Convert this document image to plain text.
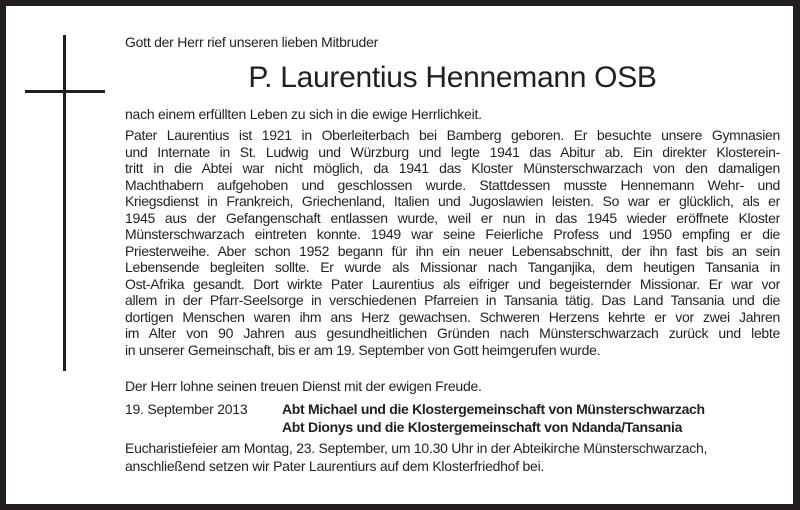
Gott der Herr rief unseren lieben Mitbruder
P. Laurentius Hennemann OSB
nach einem erfüllten Leben zu sich in die ewige Herrlichkeit.
Pater Laurentius ist 1921 in Oberleiterbach bei Bamberg geboren. Er besuchte unsere Gymnasien
und Internate in St. Ludwig und Würzburg und legte 1941 das Abitur ab. Ein direkter Klosterein-
tritt in die Abtei war nicht möglich, da 1941 das Kloster Münsterschwarzach von den damaligen
Machthabern aufgehoben und geschlossen wurde. Stattdessen musste Hennemann Wehr- und
Kriegsdienst in Frankreich, Griechenland, Italien und Jugoslawien leisten. So war er glücklich, als er
1945 aus der Gefangenschaft entlassen wurde, weil er nun in das 1945 wieder eröffnete Kloster
Münsterschwarzach eintreten konnte. 1949 war seine Feierliche Profess und 1950 empfing er die
Priesterweihe. Aber schon 1952 begann für ihn ein neuer Lebensabschnitt, der ihn fast bis an sein
Lebensende begleiten sollte. Er wurde als Missionar nach Tanganjika, dem heutigen Tansania in
Ost-Afrika gesandt. Dort wirkte Pater Laurentius als eifriger und begeisternder Missionar. Er war vor
allem in der Pfarr-Seelsorge in verschiedenen Pfarreien in Tansania tätig. Das Land Tansania und die
dortigen Menschen waren ihm ans Herz gewachsen. Schweren Herzens kehrte er vor zwei Jahren
im Alter von 90 Jahren aus gesundheitlichen Gründen nach Münsterschwarzach zurück und lebte
in unserer Gemeinschaft, bis er am 19. September von Gott heimgerufen wurde.
Der Herr lohne seinen treuen Dienst mit der ewigen Freude.
19. September 2013 Abt Michael und die Klostergemeinschaft von Münsterschwarzach
Abt Dionys und die Klostergemeinschaft von Ndanda/Tansania
Eucharistiefeier am Montag, 23. September, um 10.30 Uhr in der Abteikirche Münsterschwarzach,
anschließend setzen wir Pater Laurentiurs auf dem Klosterfriedhof bei.
